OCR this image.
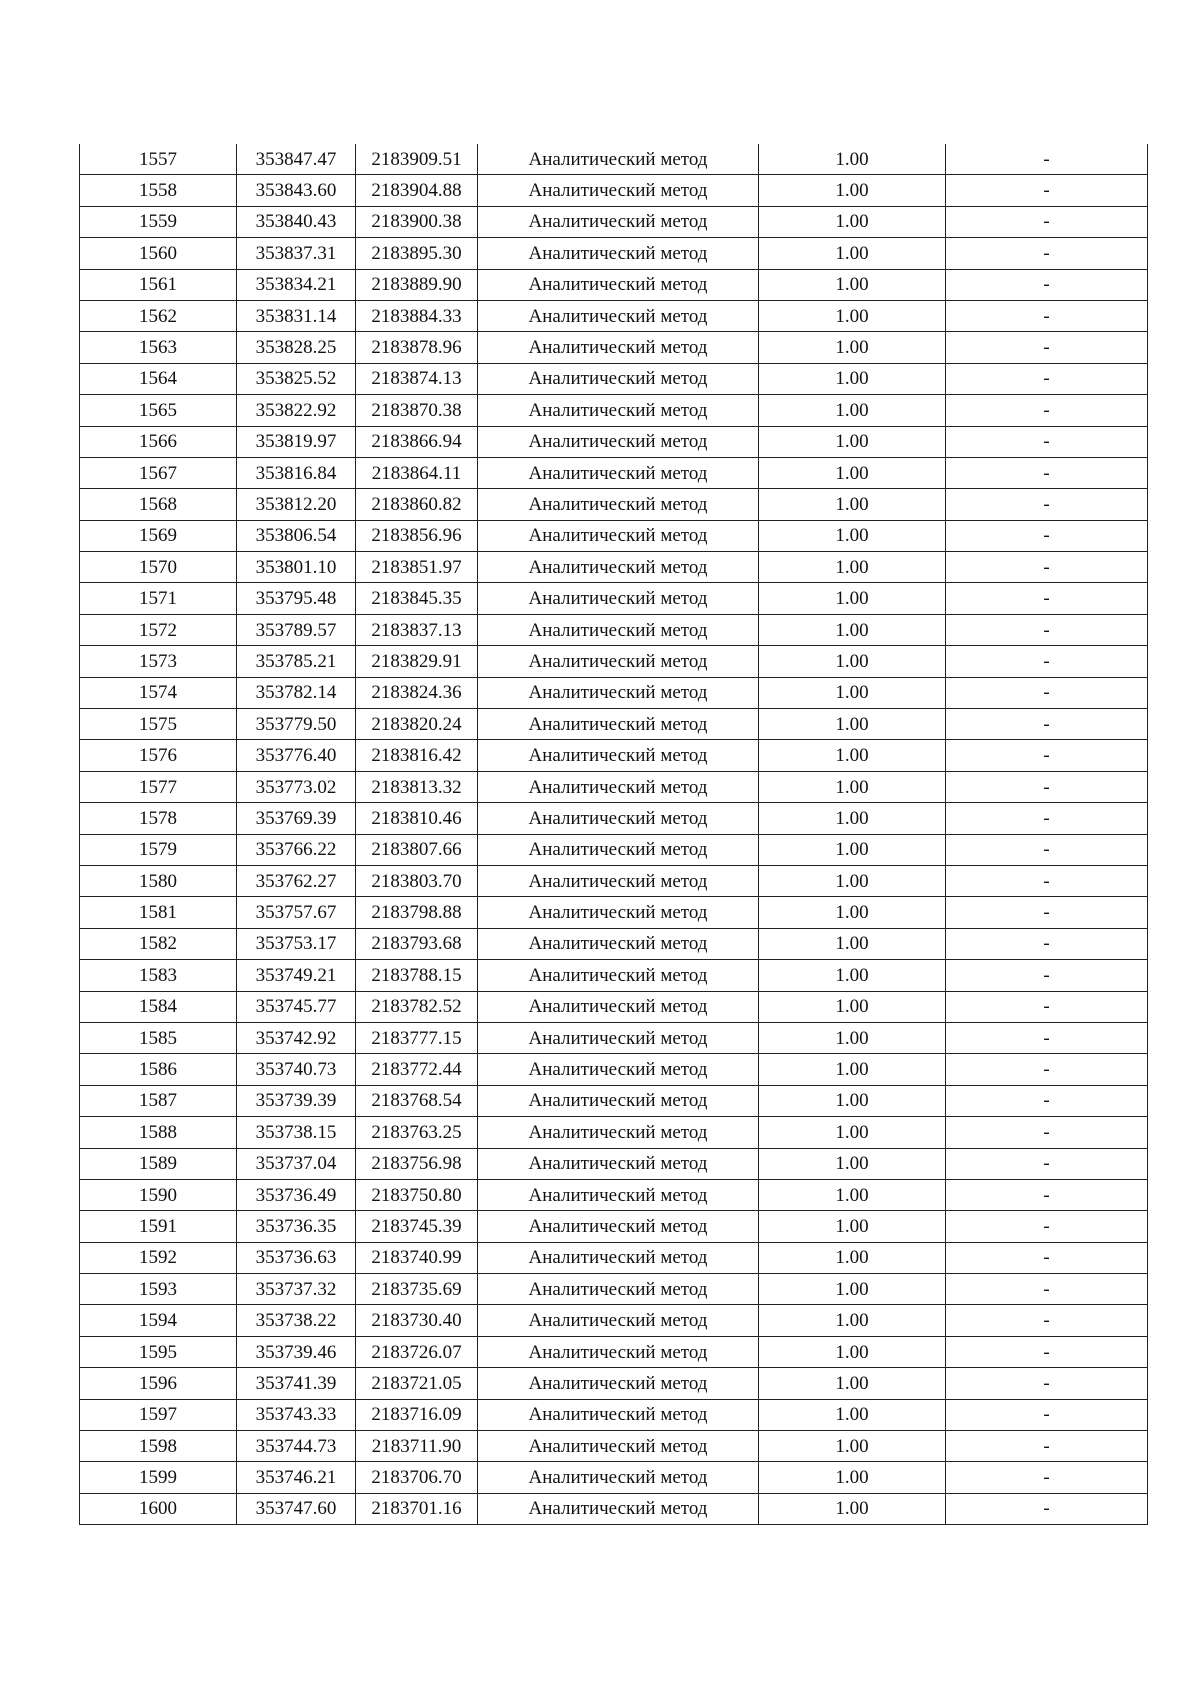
1557	353847.47	2183909.51	Аналитический метод	1.00	-
1558	353843.60	2183904.88	Аналитический метод	1.00	-
1559	353840.43	2183900.38	Аналитический метод	1.00	-
1560	353837.31	2183895.30	Аналитический метод	1.00	-
1561	353834.21	2183889.90	Аналитический метод	1.00	-
1562	353831.14	2183884.33	Аналитический метод	1.00	-
1563	353828.25	2183878.96	Аналитический метод	1.00	-
1564	353825.52	2183874.13	Аналитический метод	1.00	-
1565	353822.92	2183870.38	Аналитический метод	1.00	-
1566	353819.97	2183866.94	Аналитический метод	1.00	-
1567	353816.84	2183864.11	Аналитический метод	1.00	-
1568	353812.20	2183860.82	Аналитический метод	1.00	-
1569	353806.54	2183856.96	Аналитический метод	1.00	-
1570	353801.10	2183851.97	Аналитический метод	1.00	-
1571	353795.48	2183845.35	Аналитический метод	1.00	-
1572	353789.57	2183837.13	Аналитический метод	1.00	-
1573	353785.21	2183829.91	Аналитический метод	1.00	-
1574	353782.14	2183824.36	Аналитический метод	1.00	-
1575	353779.50	2183820.24	Аналитический метод	1.00	-
1576	353776.40	2183816.42	Аналитический метод	1.00	-
1577	353773.02	2183813.32	Аналитический метод	1.00	-
1578	353769.39	2183810.46	Аналитический метод	1.00	-
1579	353766.22	2183807.66	Аналитический метод	1.00	-
1580	353762.27	2183803.70	Аналитический метод	1.00	-
1581	353757.67	2183798.88	Аналитический метод	1.00	-
1582	353753.17	2183793.68	Аналитический метод	1.00	-
1583	353749.21	2183788.15	Аналитический метод	1.00	-
1584	353745.77	2183782.52	Аналитический метод	1.00	-
1585	353742.92	2183777.15	Аналитический метод	1.00	-
1586	353740.73	2183772.44	Аналитический метод	1.00	-
1587	353739.39	2183768.54	Аналитический метод	1.00	-
1588	353738.15	2183763.25	Аналитический метод	1.00	-
1589	353737.04	2183756.98	Аналитический метод	1.00	-
1590	353736.49	2183750.80	Аналитический метод	1.00	-
1591	353736.35	2183745.39	Аналитический метод	1.00	-
1592	353736.63	2183740.99	Аналитический метод	1.00	-
1593	353737.32	2183735.69	Аналитический метод	1.00	-
1594	353738.22	2183730.40	Аналитический метод	1.00	-
1595	353739.46	2183726.07	Аналитический метод	1.00	-
1596	353741.39	2183721.05	Аналитический метод	1.00	-
1597	353743.33	2183716.09	Аналитический метод	1.00	-
1598	353744.73	2183711.90	Аналитический метод	1.00	-
1599	353746.21	2183706.70	Аналитический метод	1.00	-
1600	353747.60	2183701.16	Аналитический метод	1.00	-
